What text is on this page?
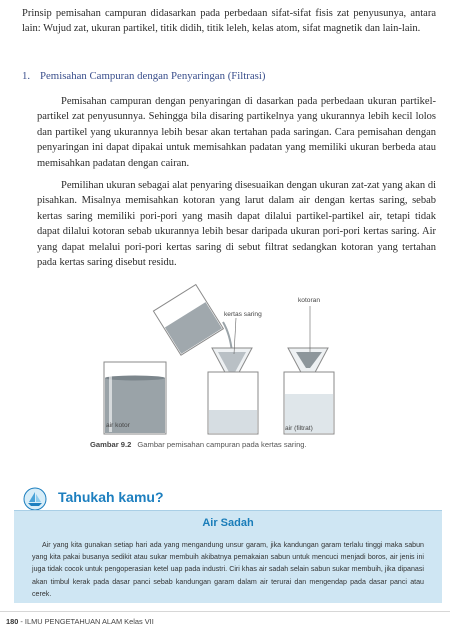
Prinsip pemisahan campuran didasarkan pada perbedaan sifat-sifat fisis zat penyusunya, antara lain: Wujud zat, ukuran partikel, titik didih, titik leleh, kelas atom, sifat magnetik dan lain-lain.

1. Pemisahan Campuran dengan Penyaringan (Filtrasi)

Pemisahan campuran dengan penyaringan di dasarkan pada perbedaan ukuran partikel-partikel zat penyusunnya. Sehingga bila disaring partikelnya yang ukurannya lebih kecil lolos dan partikel yang ukurannya lebih besar akan tertahan pada saringan. Cara pemisahan dengan penyaringan ini dapat dipakai untuk memisahkan padatan yang memiliki ukuran berbeda atau memisahkan padatan dengan cairan.

Pemilihan ukuran sebagai alat penyaring disesuaikan dengan ukuran zat-zat yang akan di pisahkan. Misalnya memisahkan kotoran yang larut dalam air dengan kertas saring, sebab kertas saring memiliki pori-pori yang masih dapat dilalui partikel-partikel air, tetapi tidak dapat dilalui kotoran sebab ukurannya lebih besar daripada ukuran pori-pori kertas saring. Air yang dapat melalui pori-pori kertas saring di sebut filtrat sedangkan kotoran yang tertahan pada kertas saring disebut residu.

air kotor
kertas saring
kotoran
air (filtrat)
Gambar 9.2 Gambar pemisahan campuran pada kertas saring.

Tahukah kamu?

Air Sadah

Air yang kita gunakan setiap hari ada yang mengandung unsur garam, jika kandungan garam terlalu tinggi maka sabun yang kita pakai busanya sedikit atau sukar membuih akibatnya pemakaian sabun untuk mencuci menjadi boros, air jenis ini juga tidak cocok untuk pengoperasian ketel uap pada industri. Ciri khas air sadah selain sabun sukar membuih, jika dipanasi akan timbul kerak pada dasar panci sebab kandungan garam dalam air terurai dan mengendap pada dasar panci atau cerek.

180 - ILMU PENGETAHUAN ALAM Kelas VII
